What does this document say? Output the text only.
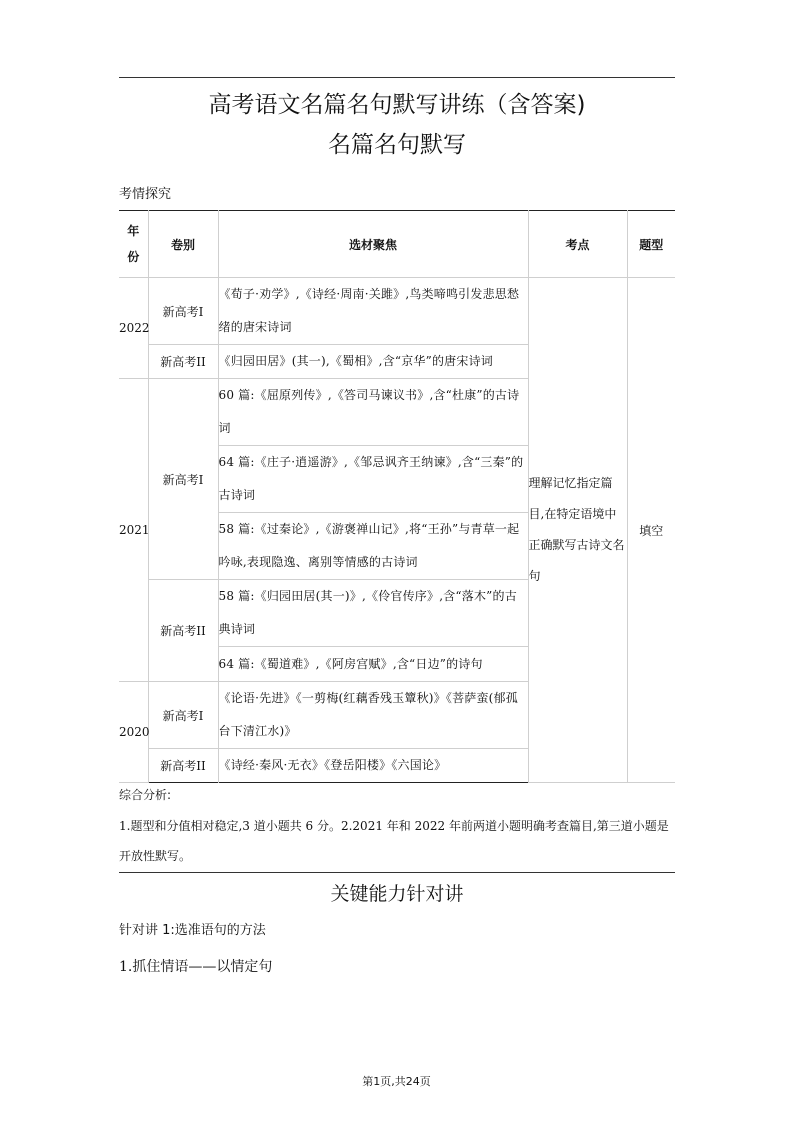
高考语文名篇名句默写讲练（含答案)
名篇名句默写
考情探究
年份	卷别	选材聚焦	考点	题型
2022	新高考I	《荀子·劝学》,《诗经·周南·关雎》,鸟类啼鸣引发悲思愁绪的唐宋诗词	理解记忆指定篇目,在特定语境中正确默写古诗文名句	填空
	新高考II	《归园田居》(其一),《蜀相》,含“京华”的唐宋诗词		
2021	新高考I	60 篇:《屈原列传》,《答司马谏议书》,含“杜康”的古诗词		
		64 篇:《庄子·逍遥游》,《邹忌讽齐王纳谏》,含“三秦”的古诗词		
		58 篇:《过秦论》,《游褒禅山记》,将“王孙”与青草一起吟咏,表现隐逸、离别等情感的古诗词		
	新高考II	58 篇:《归园田居(其一)》,《伶官传序》,含“落木”的古典诗词		
		64 篇:《蜀道难》,《阿房宫赋》,含“日边”的诗句		
2020	新高考I	《论语·先进》《一剪梅(红藕香残玉簟秋)》《菩萨蛮(郁孤台下清江水)》		
	新高考II	《诗经·秦风·无衣》《登岳阳楼》《六国论》		
综合分析:
1.题型和分值相对稳定,3 道小题共 6 分。2.2021 年和 2022 年前两道小题明确考查篇目,第三道小题是开放性默写。
关键能力针对讲
针对讲 1:选准语句的方法
1.抓住情语——以情定句
第1页,共24页
